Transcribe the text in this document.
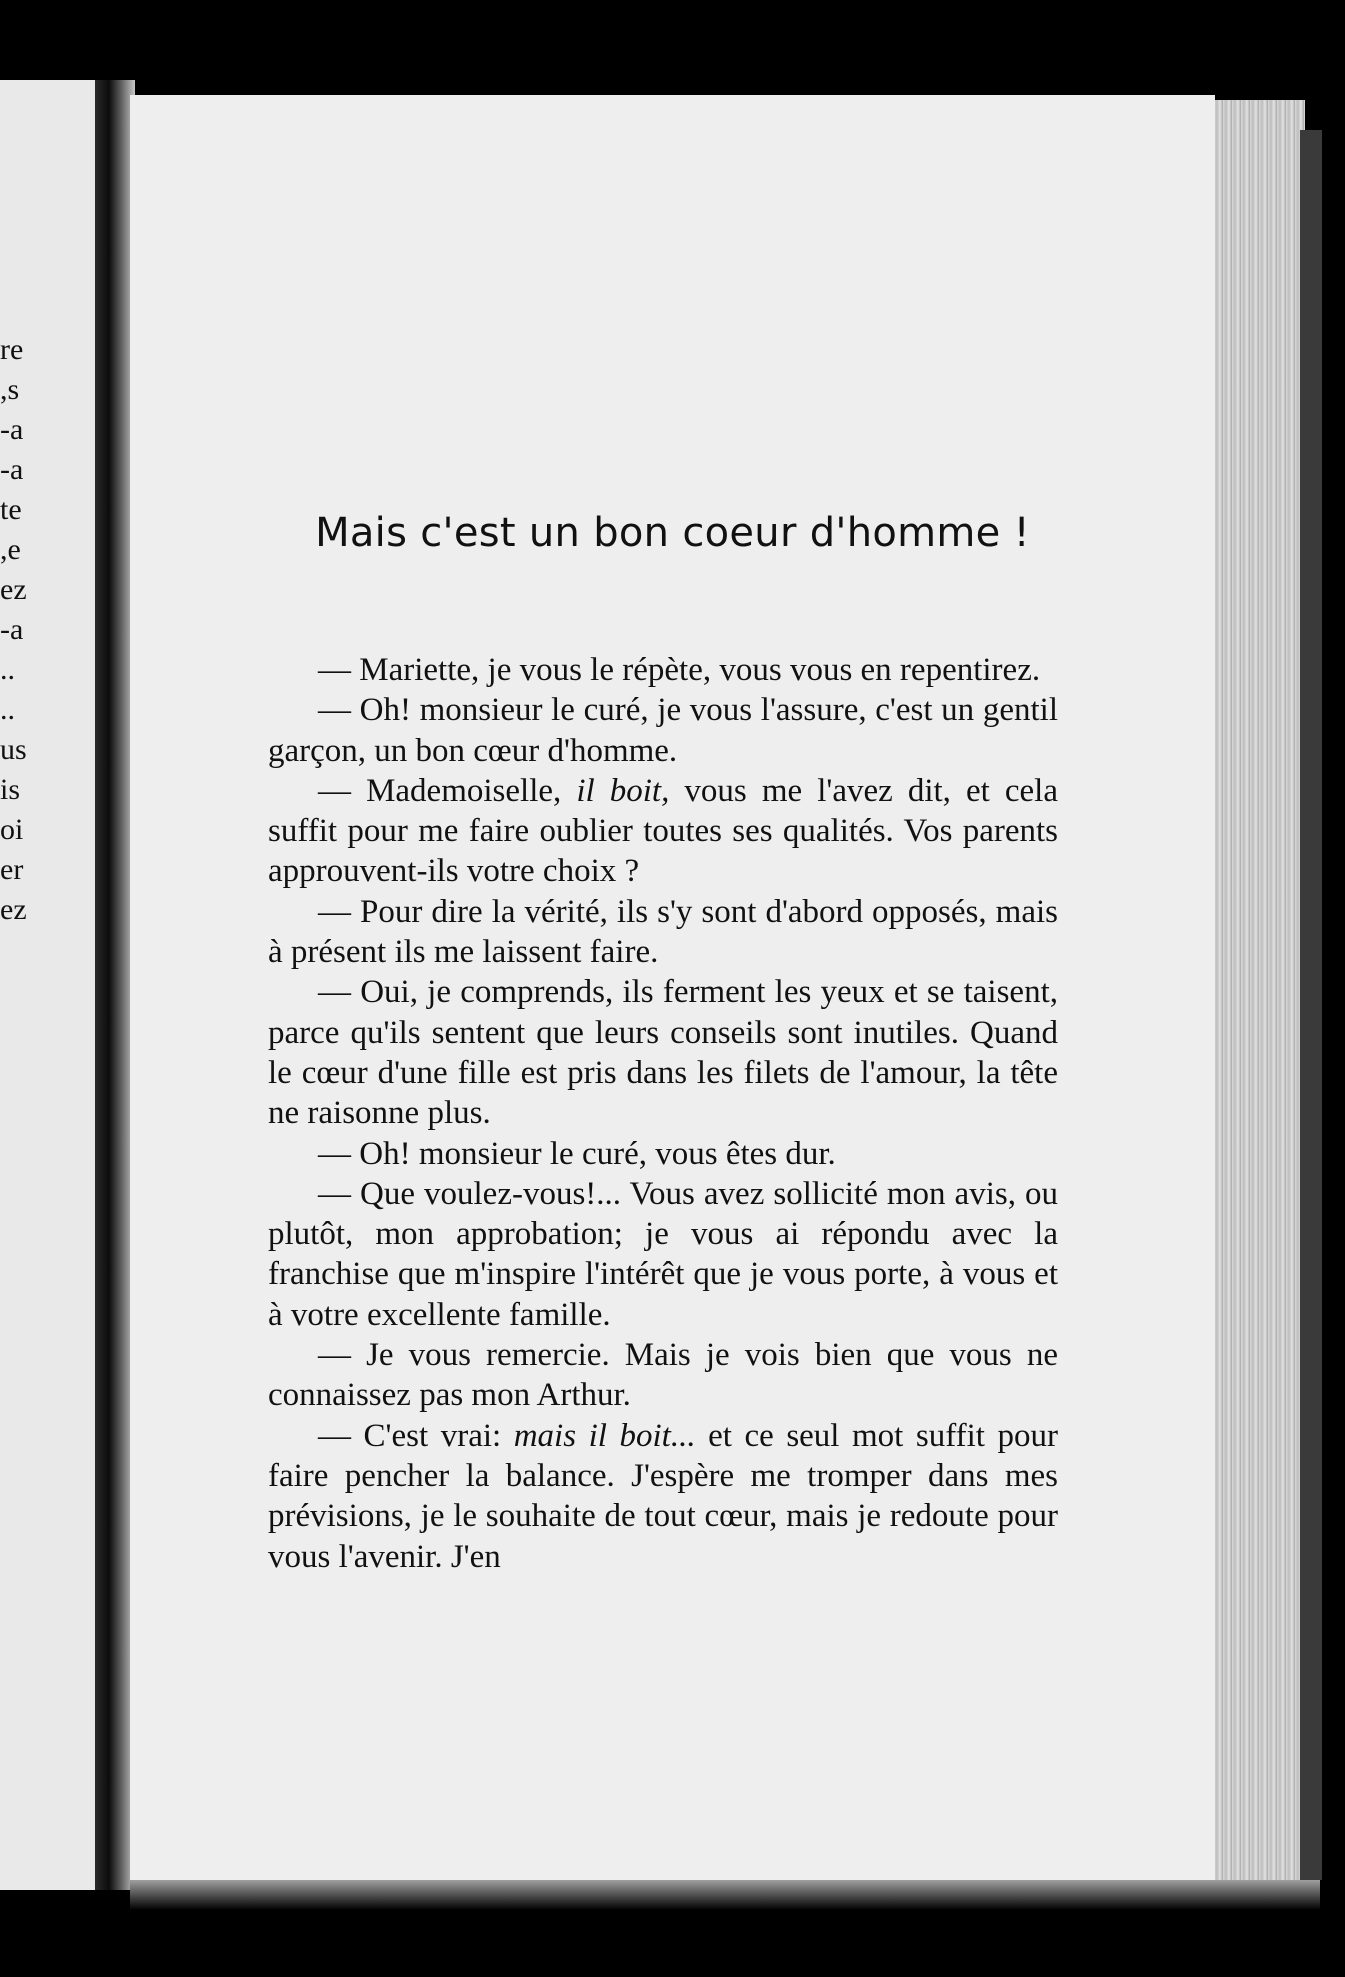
re
s,
a-
a-
te
e,
ez
a-
..
..
us
is
oi
er
ez
Mais c'est un bon coeur d'homme !

— Mariette, je vous le répète, vous vous en repentirez.

— Oh! monsieur le curé, je vous l'assure, c'est un gentil garçon, un bon cœur d'homme.

— Mademoiselle, il boit, vous me l'avez dit, et cela suffit pour me faire oublier toutes ses qualités. Vos parents approuvent-ils votre choix ?

— Pour dire la vérité, ils s'y sont d'abord opposés, mais à présent ils me laissent faire.

— Oui, je comprends, ils ferment les yeux et se taisent, parce qu'ils sentent que leurs conseils sont inutiles. Quand le cœur d'une fille est pris dans les filets de l'amour, la tête ne raisonne plus.

— Oh! monsieur le curé, vous êtes dur.

— Que voulez-vous!... Vous avez sollicité mon avis, ou plutôt, mon approbation; je vous ai répondu avec la franchise que m'inspire l'intérêt que je vous porte, à vous et à votre excellente famille.

— Je vous remercie. Mais je vois bien que vous ne connaissez pas mon Arthur.

— C'est vrai: mais il boit... et ce seul mot suffit pour faire pencher la balance. J'espère me tromper dans mes prévisions, je le souhaite de tout cœur, mais je redoute pour vous l'avenir. J'en
